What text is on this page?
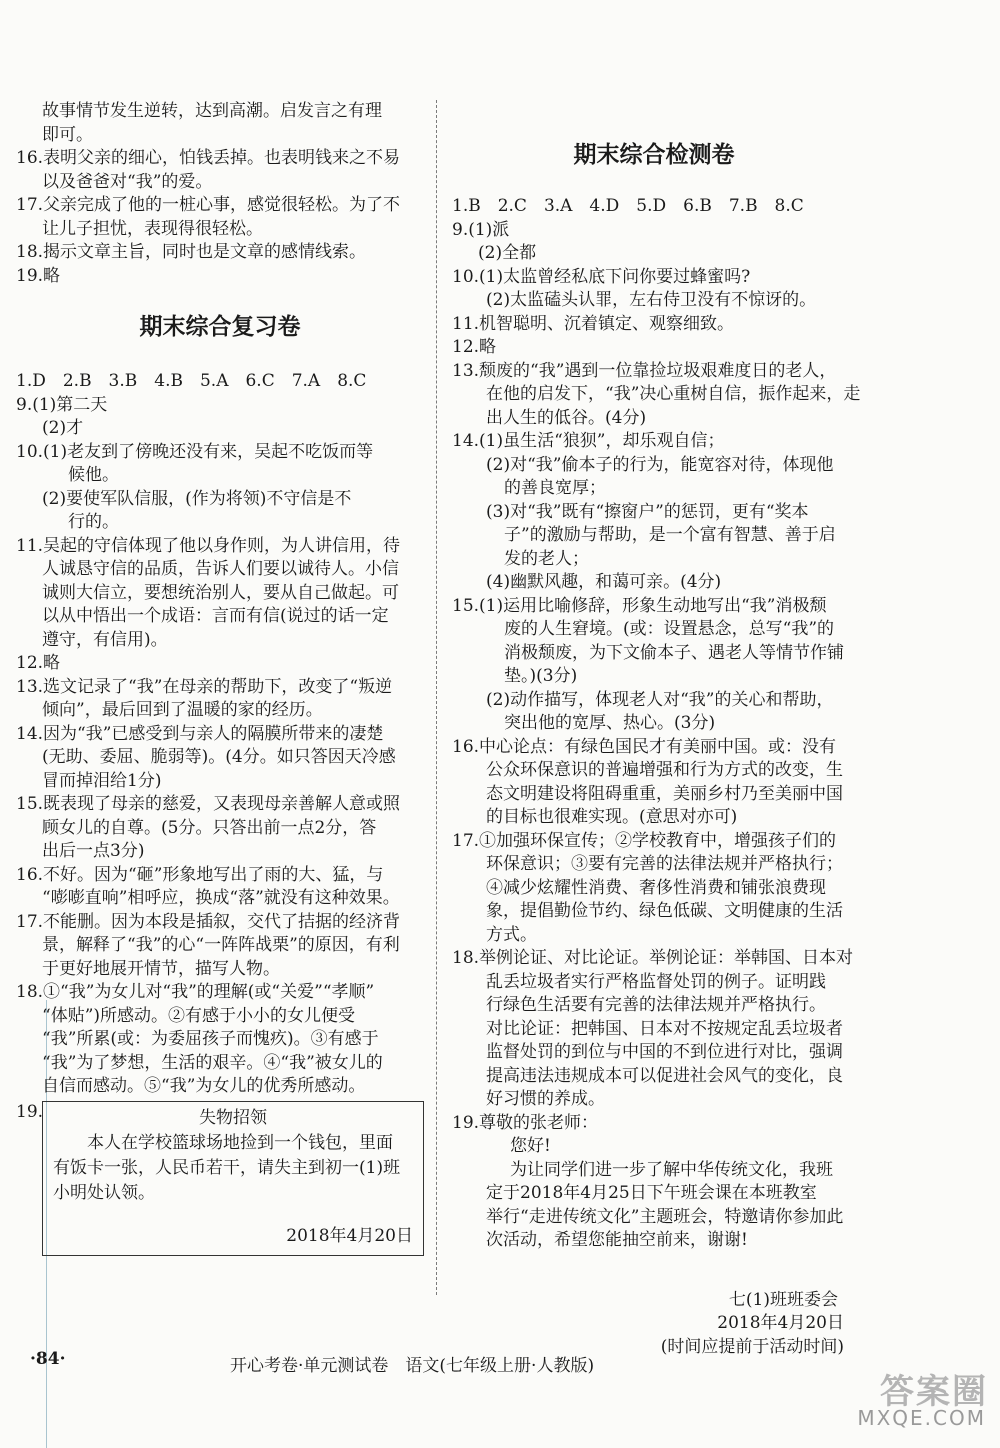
故事情节发生逆转，达到高潮。启发言之有理
即可。
16.表明父亲的细心，怕钱丢掉。也表明钱来之不易
以及爸爸对“我”的爱。
17.父亲完成了他的一桩心事，感觉很轻松。为了不
让儿子担忧，表现得很轻松。
18.揭示文章主旨，同时也是文章的感情线索。
19.略
期末综合复习卷
1.D　2.B　3.B　4.B　5.A　6.C　7.A　8.C
9.(1)第二天
(2)才
10.(1)老友到了傍晚还没有来，吴起不吃饭而等
候他。
(2)要使军队信服，(作为将领)不守信是不
行的。
11.吴起的守信体现了他以身作则，为人讲信用，待
人诚恳守信的品质，告诉人们要以诚待人。小信
诚则大信立，要想统治别人，要从自己做起。可
以从中悟出一个成语：言而有信(说过的话一定
遵守，有信用)。
12.略
13.选文记录了“我”在母亲的帮助下，改变了“叛逆
倾向”，最后回到了温暖的家的经历。
14.因为“我”已感受到与亲人的隔膜所带来的凄楚
(无助、委屈、脆弱等)。(4分。如只答因天冷感
冒而掉泪给1分)
15.既表现了母亲的慈爱，又表现母亲善解人意或照
顾女儿的自尊。(5分。只答出前一点2分，答
出后一点3分)
16.不好。因为“砸”形象地写出了雨的大、猛，与
“嘭嘭直响”相呼应，换成“落”就没有这种效果。
17.不能删。因为本段是插叙，交代了拮据的经济背
景，解释了“我”的心“一阵阵战栗”的原因，有利
于更好地展开情节，描写人物。
18.①“我”为女儿对“我”的理解(或“关爱”“孝顺”
“体贴”)所感动。②有感于小小的女儿便受
“我”所累(或：为委屈孩子而愧疚)。③有感于
“我”为了梦想，生活的艰辛。④“我”被女儿的
自信而感动。⑤“我”为女儿的优秀所感动。
19.	失物招领
　　本人在学校篮球场地捡到一个钱包，里面
有饭卡一张，人民币若干，请失主到初一(1)班
小明处认领。
2018年4月20日
期末综合检测卷
1.B　2.C　3.A　4.D　5.D　6.B　7.B　8.C
9.(1)派
(2)全都
10.(1)太监曾经私底下问你要过蜂蜜吗?
(2)太监磕头认罪，左右侍卫没有不惊讶的。
11.机智聪明、沉着镇定、观察细致。
12.略
13.颓废的“我”遇到一位靠捡垃圾艰难度日的老人，
在他的启发下，“我”决心重树自信，振作起来，走
出人生的低谷。(4分)
14.(1)虽生活“狼狈”，却乐观自信；
(2)对“我”偷本子的行为，能宽容对待，体现他
的善良宽厚；
(3)对“我”既有“擦窗户”的惩罚，更有“奖本
子”的激励与帮助，是一个富有智慧、善于启
发的老人；
(4)幽默风趣，和蔼可亲。(4分)
15.(1)运用比喻修辞，形象生动地写出“我”消极颓
废的人生窘境。(或：设置悬念，总写“我”的
消极颓废，为下文偷本子、遇老人等情节作铺
垫。)(3分)
(2)动作描写，体现老人对“我”的关心和帮助，
突出他的宽厚、热心。(3分)
16.中心论点：有绿色国民才有美丽中国。或：没有
公众环保意识的普遍增强和行为方式的改变，生
态文明建设将阻碍重重，美丽乡村乃至美丽中国
的目标也很难实现。(意思对亦可)
17.①加强环保宣传；②学校教育中，增强孩子们的
环保意识；③要有完善的法律法规并严格执行；
④减少炫耀性消费、奢侈性消费和铺张浪费现
象，提倡勤俭节约、绿色低碳、文明健康的生活
方式。
18.举例论证、对比论证。举例论证：举韩国、日本对
乱丢垃圾者实行严格监督处罚的例子。证明践
行绿色生活要有完善的法律法规并严格执行。
对比论证：把韩国、日本对不按规定乱丢垃圾者
监督处罚的到位与中国的不到位进行对比，强调
提高违法违规成本可以促进社会风气的变化，良
好习惯的养成。
19.尊敬的张老师：
您好!
为让同学们进一步了解中华传统文化，我班
定于2018年4月25日下午班会课在本班教室
举行“走进传统文化”主题班会，特邀请你参加此
次活动，希望您能抽空前来，谢谢!
七(1)班班委会
2018年4月20日
(时间应提前于活动时间)
·84·	开心考卷·单元测试卷　语文(七年级上册·人教版)
答案圈
MXQE.COM
